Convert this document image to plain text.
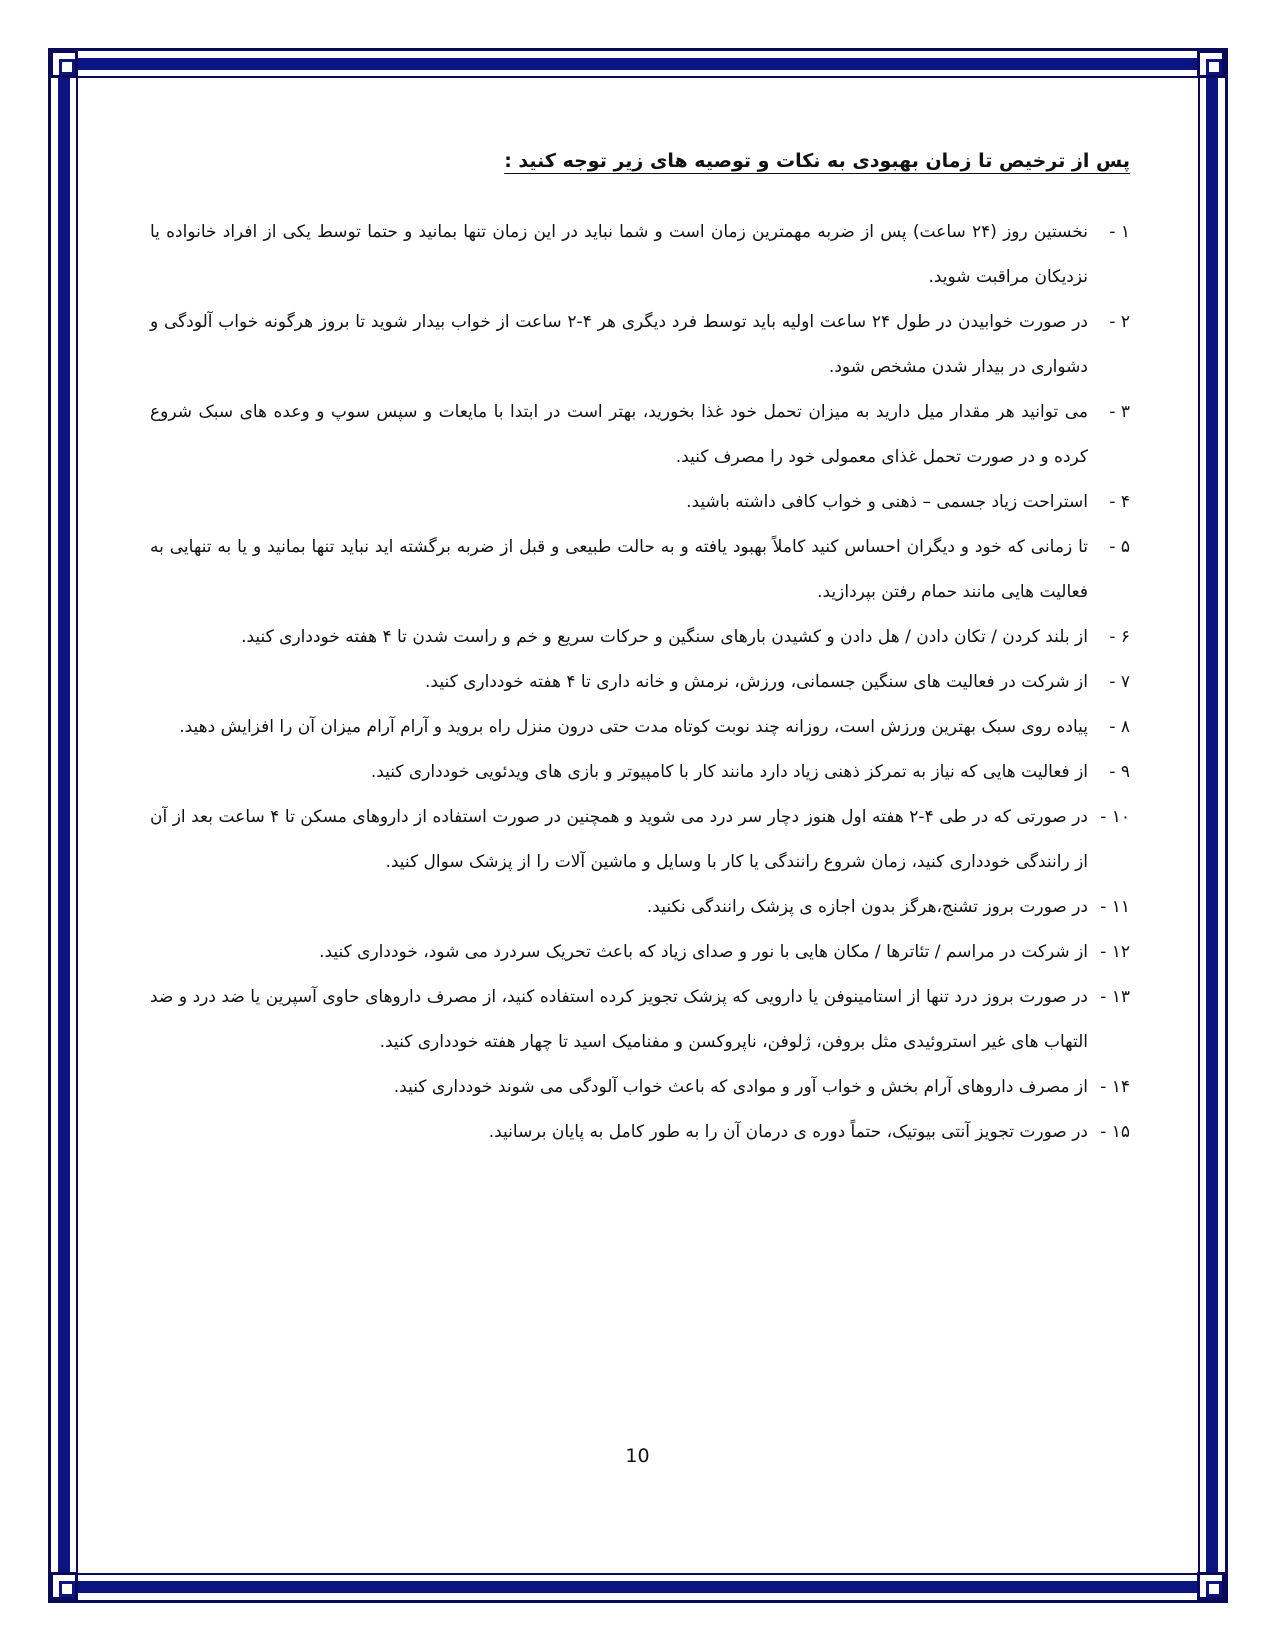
پس از ترخیص تا زمان بهبودی به نکات و توصیه های زیر توجه کنید :
۱ -
نخستین روز (۲۴ ساعت) پس از ضربه مهمترین زمان است و شما نباید در این زمان تنها بمانید و حتما توسط یکی از افراد خانواده یا نزدیکان مراقبت شوید.
۲ -
در صورت خوابیدن در طول ۲۴ ساعت اولیه باید توسط فرد دیگری هر ۴-۲ ساعت از خواب بیدار شوید تا بروز هرگونه خواب آلودگی و دشواری در بیدار شدن مشخص شود.
۳ -
می توانید هر مقدار میل دارید به میزان تحمل خود غذا بخورید، بهتر است در ابتدا با مایعات و سپس سوپ و وعده های سبک شروع کرده و در صورت تحمل غذای معمولی خود را مصرف کنید.
۴ -
استراحت زیاد جسمی – ذهنی و خواب کافی داشته باشید.
۵ -
تا زمانی که خود و دیگران احساس کنید کاملاً بهبود یافته و به حالت طبیعی و قبل از ضربه برگشته اید نباید تنها بمانید و یا به تنهایی به فعالیت هایی مانند حمام رفتن بپردازید.
۶ -
از بلند کردن / تکان دادن / هل دادن و کشیدن بارهای سنگین و حرکات سریع و خم و راست شدن تا ۴ هفته خودداری کنید.
۷ -
از شرکت در فعالیت های سنگین جسمانی، ورزش، نرمش و خانه داری تا ۴ هفته خودداری کنید.
۸ -
پیاده روی سبک بهترین ورزش است، روزانه چند نوبت کوتاه مدت حتی درون منزل راه بروید و آرام آرام میزان آن را افزایش دهید.
۹ -
از فعالیت هایی که نیاز به تمرکز ذهنی زیاد دارد مانند کار با کامپیوتر و بازی های ویدئویی خودداری کنید.
۱۰ -
در صورتی که در طی ۴-۲ هفته اول هنوز دچار سر درد می شوید و همچنین در صورت استفاده از داروهای مسکن تا ۴ ساعت بعد از آن از رانندگی خودداری کنید، زمان شروع رانندگی یا کار با وسایل و ماشین آلات را از پزشک سوال کنید.
۱۱ -
در صورت بروز تشنج،هرگز بدون اجازه ی پزشک رانندگی نکنید.
۱۲ -
از شرکت در مراسم / تئاترها / مکان هایی با نور و صدای زیاد که باعث تحریک سردرد می شود، خودداری کنید.
۱۳ -
در صورت بروز درد تنها از استامینوفن یا دارویی که پزشک تجویز کرده استفاده کنید، از مصرف داروهای حاوی آسپرین یا ضد درد و ضد التهاب های غیر استروئیدی مثل بروفن، ژلوفن، ناپروکسن و مفنامیک اسید تا چهار هفته خودداری کنید.
۱۴ -
از مصرف داروهای آرام بخش و خواب آور و موادی که باعث خواب آلودگی می شوند خودداری کنید.
۱۵ -
در صورت تجویز آنتی بیوتیک، حتماً دوره ی درمان آن را به طور کامل به پایان برسانید.
10
